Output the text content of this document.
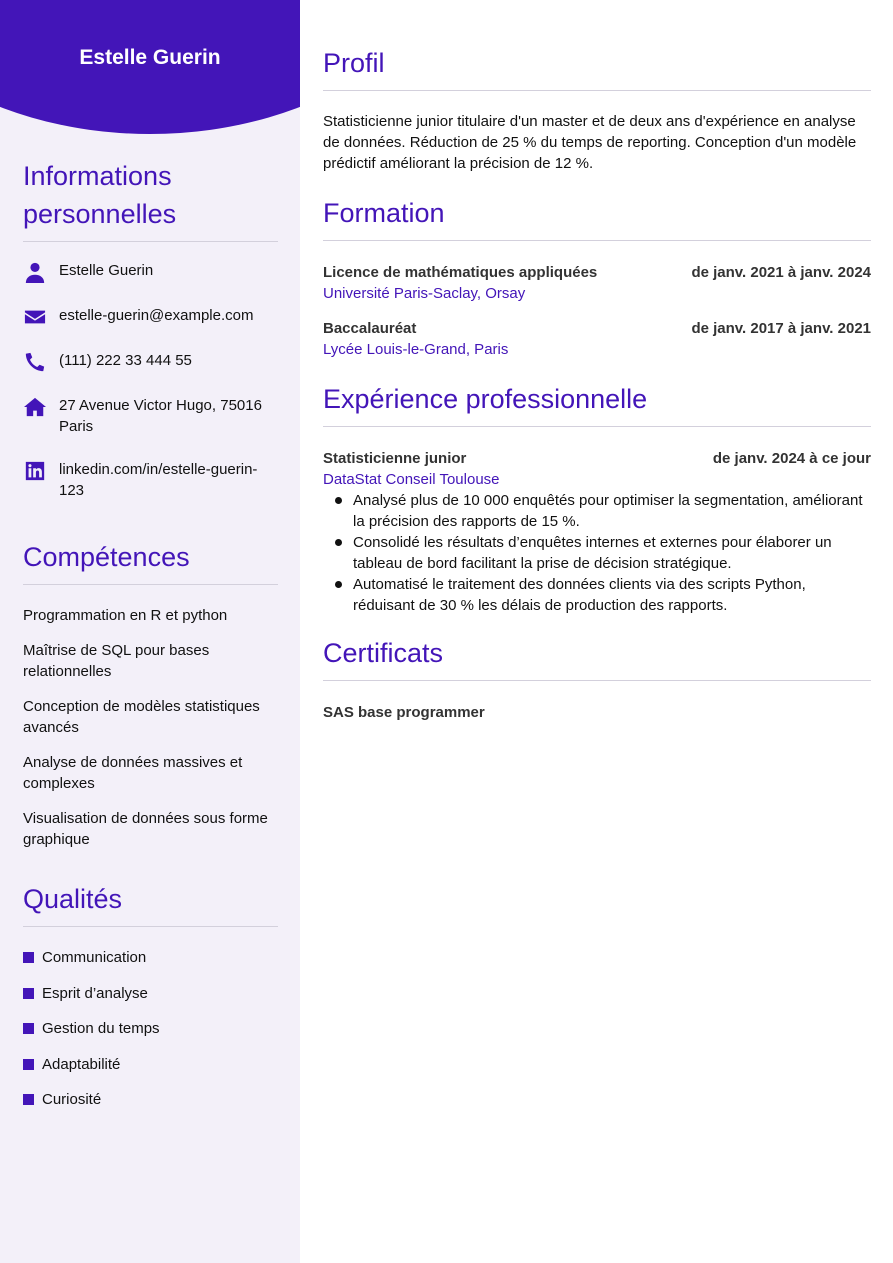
Estelle Guerin
Informations personnelles
Estelle Guerin
estelle-guerin@example.com
(111) 222 33 444 55
27 Avenue Victor Hugo, 75016 Paris
linkedin.com/in/estelle-guerin-123
Compétences
Programmation en R et python
Maîtrise de SQL pour bases relationnelles
Conception de modèles statistiques avancés
Analyse de données massives et complexes
Visualisation de données sous forme graphique
Qualités
Communication
Esprit d’analyse
Gestion du temps
Adaptabilité
Curiosité
Profil
Statisticienne junior titulaire d'un master et de deux ans d'expérience en analyse de données. Réduction de 25 % du temps de reporting. Conception d'un modèle prédictif améliorant la précision de 12 %.
Formation
Licence de mathématiques appliquées	de janv. 2021 à janv. 2024
Université Paris-Saclay, Orsay
Baccalauréat	de janv. 2017 à janv. 2021
Lycée Louis-le-Grand, Paris
Expérience professionnelle
Statisticienne junior	de janv. 2024 à ce jour
DataStat Conseil Toulouse
Analysé plus de 10 000 enquêtés pour optimiser la segmentation, améliorant la précision des rapports de 15 %.
Consolidé les résultats d’enquêtes internes et externes pour élaborer un tableau de bord facilitant la prise de décision stratégique.
Automatisé le traitement des données clients via des scripts Python, réduisant de 30 % les délais de production des rapports.
Certificats
SAS base programmer
